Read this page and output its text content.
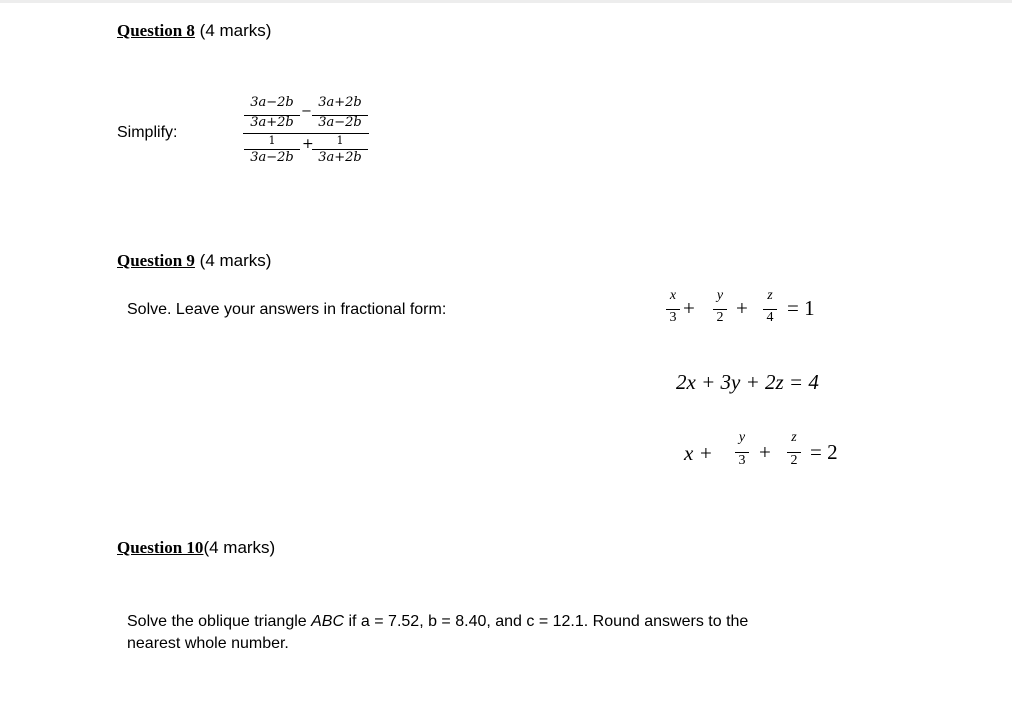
Question 8 (4 marks)
Simplify:
3a−2b
3a+2b
−
3a+2b
3a−2b
1
3a−2b
+	1
3a+2b
Question 9 (4 marks)
Solve. Leave your answers in fractional form:
x
3 +
y
2 +
z
4 = 1
2x + 3y + 2z = 4
x +
y
3 +
z
2 = 2
Question 10(4 marks)
Solve the oblique triangle ABC if a = 7.52, b = 8.40, and c = 12.1. Round answers to the
nearest whole number.
